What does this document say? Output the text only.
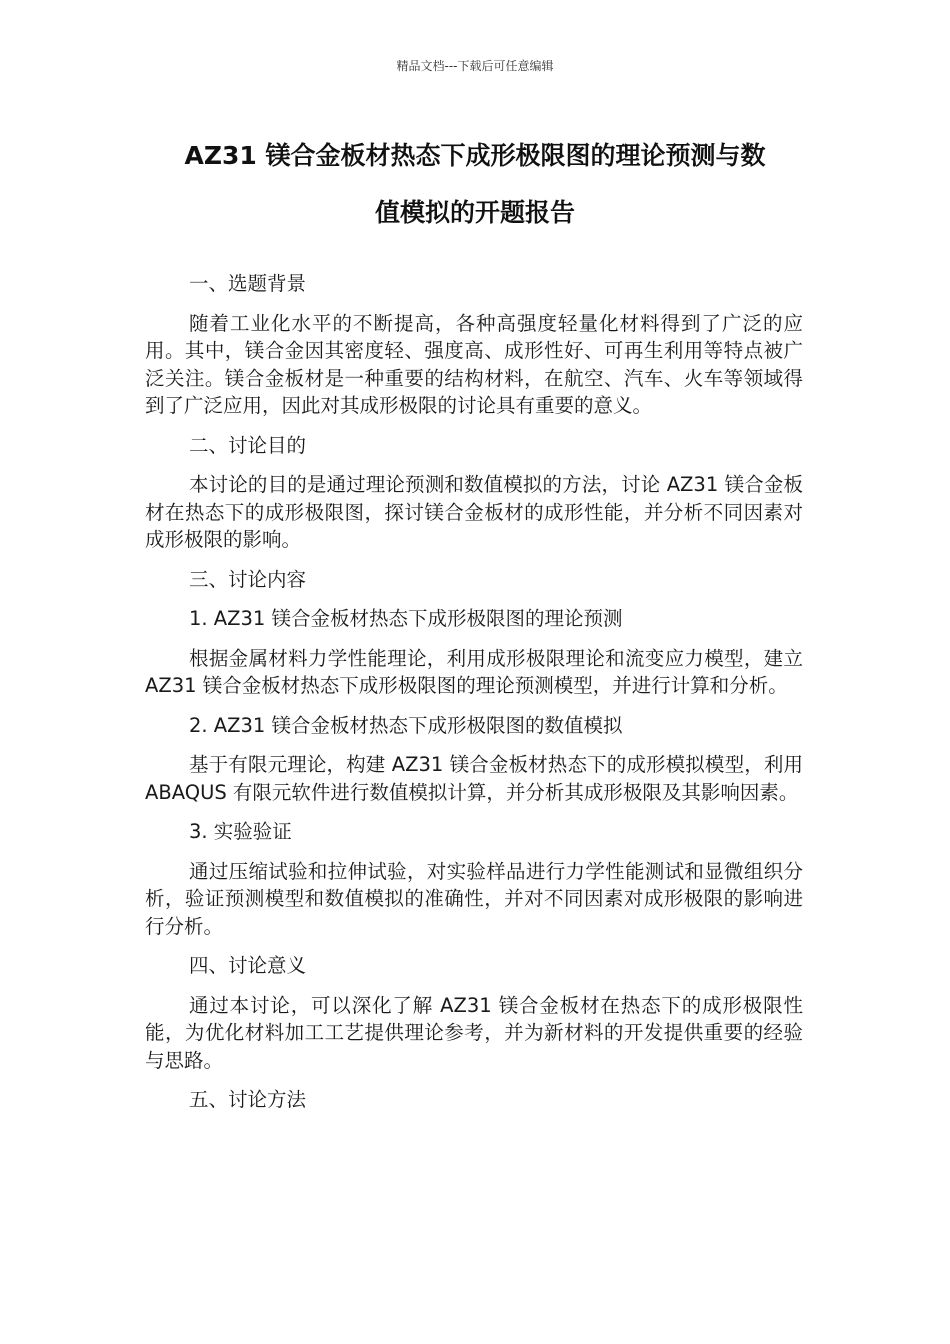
精品文档---下载后可任意编辑
AZ31 镁合金板材热态下成形极限图的理论预测与数
值模拟的开题报告
一、选题背景
随着工业化水平的不断提高，各种高强度轻量化材料得到了广泛的应用。其中，镁合金因其密度轻、强度高、成形性好、可再生利用等特点被广泛关注。镁合金板材是一种重要的结构材料，在航空、汽车、火车等领域得到了广泛应用，因此对其成形极限的讨论具有重要的意义。
二、讨论目的
本讨论的目的是通过理论预测和数值模拟的方法，讨论 AZ31 镁合金板材在热态下的成形极限图，探讨镁合金板材的成形性能，并分析不同因素对成形极限的影响。
三、讨论内容
1. AZ31 镁合金板材热态下成形极限图的理论预测
根据金属材料力学性能理论，利用成形极限理论和流变应力模型，建立 AZ31 镁合金板材热态下成形极限图的理论预测模型，并进行计算和分析。
2. AZ31 镁合金板材热态下成形极限图的数值模拟
基于有限元理论，构建 AZ31 镁合金板材热态下的成形模拟模型，利用 ABAQUS 有限元软件进行数值模拟计算，并分析其成形极限及其影响因素。
3. 实验验证
通过压缩试验和拉伸试验，对实验样品进行力学性能测试和显微组织分析，验证预测模型和数值模拟的准确性，并对不同因素对成形极限的影响进行分析。
四、讨论意义
通过本讨论，可以深化了解 AZ31 镁合金板材在热态下的成形极限性能，为优化材料加工工艺提供理论参考，并为新材料的开发提供重要的经验与思路。
五、讨论方法
